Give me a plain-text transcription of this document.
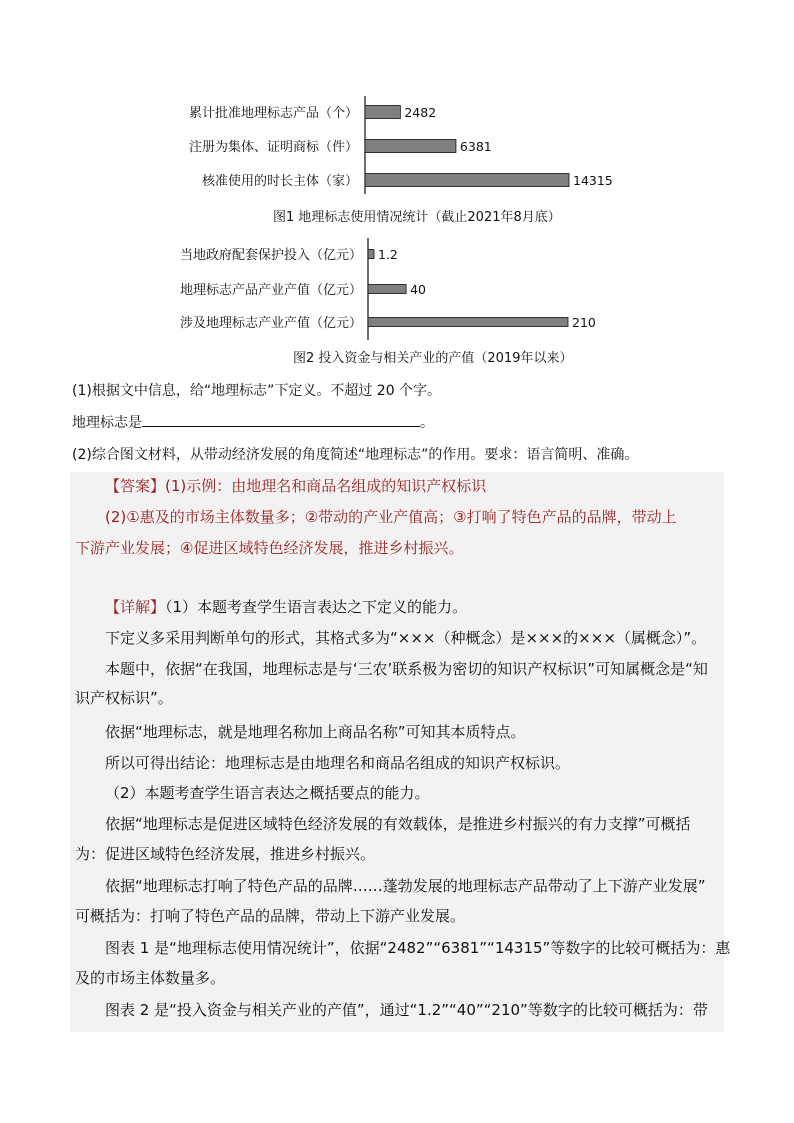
累计批准地理标志产品（个）
注册为集体、证明商标（件）
核准使用的时长主体（家）
2482
6381
14315
图1 地理标志使用情况统计（截止2021年8月底）
当地政府配套保护投入（亿元）
地理标志产品产业产值（亿元）
涉及地理标志产业产值（亿元）
1.2
40
210
图2 投入资金与相关产业的产值（2019年以来）
(1)根据文中信息，给“地理标志”下定义。不超过 20 个字。
地理标志是	。
(2)综合图文材料，从带动经济发展的角度简述“地理标志”的作用。要求：语言简明、准确。
【答案】(1)示例：由地理名和商品名组成的知识产权标识
(2)①惠及的市场主体数量多；②带动的产业产值高；③打响了特色产品的品牌，带动上
下游产业发展；④促进区域特色经济发展，推进乡村振兴。
【详解】（1）本题考查学生语言表达之下定义的能力。
下定义多采用判断单句的形式，其格式多为“×××（种概念）是×××的×××（属概念）”。
本题中，依据“在我国，地理标志是与‘三农’联系极为密切的知识产权标识”可知属概念是“知
识产权标识”。
依据“地理标志，就是地理名称加上商品名称”可知其本质特点。
所以可得出结论：地理标志是由地理名和商品名组成的知识产权标识。
（2）本题考查学生语言表达之概括要点的能力。
依据“地理标志是促进区域特色经济发展的有效载体，是推进乡村振兴的有力支撑”可概括
为：促进区域特色经济发展，推进乡村振兴。
依据“地理标志打响了特色产品的品牌……蓬勃发展的地理标志产品带动了上下游产业发展”
可概括为：打响了特色产品的品牌，带动上下游产业发展。
图表 1 是“地理标志使用情况统计”，依据“2482”“6381”“14315”等数字的比较可概括为：惠
及的市场主体数量多。
图表 2 是“投入资金与相关产业的产值”，通过“1.2”“40”“210”等数字的比较可概括为：带
